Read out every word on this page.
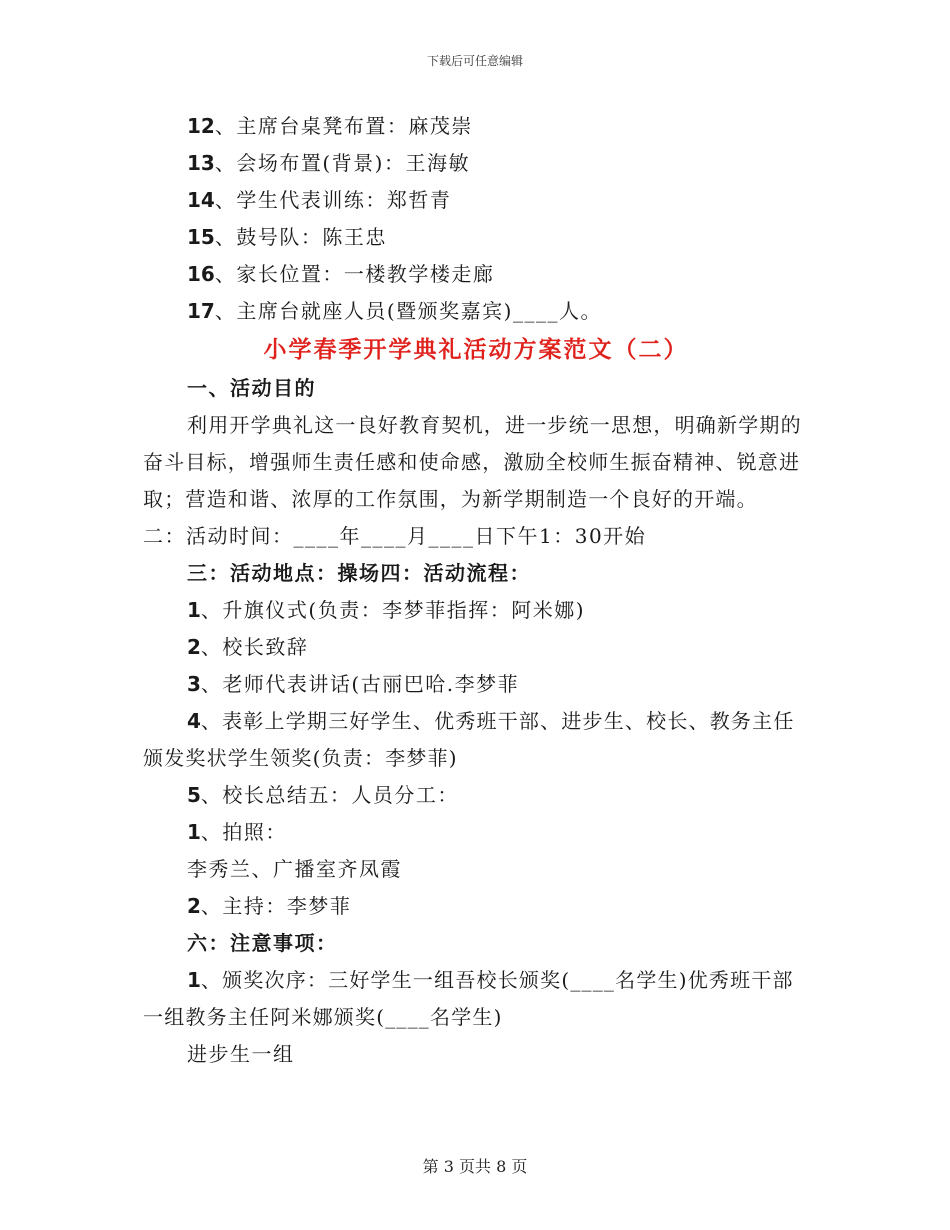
下载后可任意编辑

12、主席台桌凳布置：麻茂崇

13、会场布置(背景)：王海敏

14、学生代表训练：郑哲青

15、鼓号队：陈王忠

16、家长位置：一楼教学楼走廊

17、主席台就座人员(暨颁奖嘉宾)____人。

小学春季开学典礼活动方案范文（二）

一、活动目的

利用开学典礼这一良好教育契机，进一步统一思想，明确新学期的奋斗目标，增强师生责任感和使命感，激励全校师生振奋精神、锐意进取；营造和谐、浓厚的工作氛围，为新学期制造一个良好的开端。

二：活动时间：____年____月____日下午1：30开始

三：活动地点：操场四：活动流程：

1、升旗仪式(负责：李梦菲指挥：阿米娜)

2、校长致辞

3、老师代表讲话(古丽巴哈.李梦菲

4、表彰上学期三好学生、优秀班干部、进步生、校长、教务主任颁发奖状学生领奖(负责：李梦菲)

5、校长总结五：人员分工：

1、拍照：

李秀兰、广播室齐凤霞

2、主持：李梦菲

六：注意事项：

1、颁奖次序：三好学生一组吾校长颁奖(____名学生)优秀班干部一组教务主任阿米娜颁奖(____名学生)

进步生一组

第 3 页共 8 页
